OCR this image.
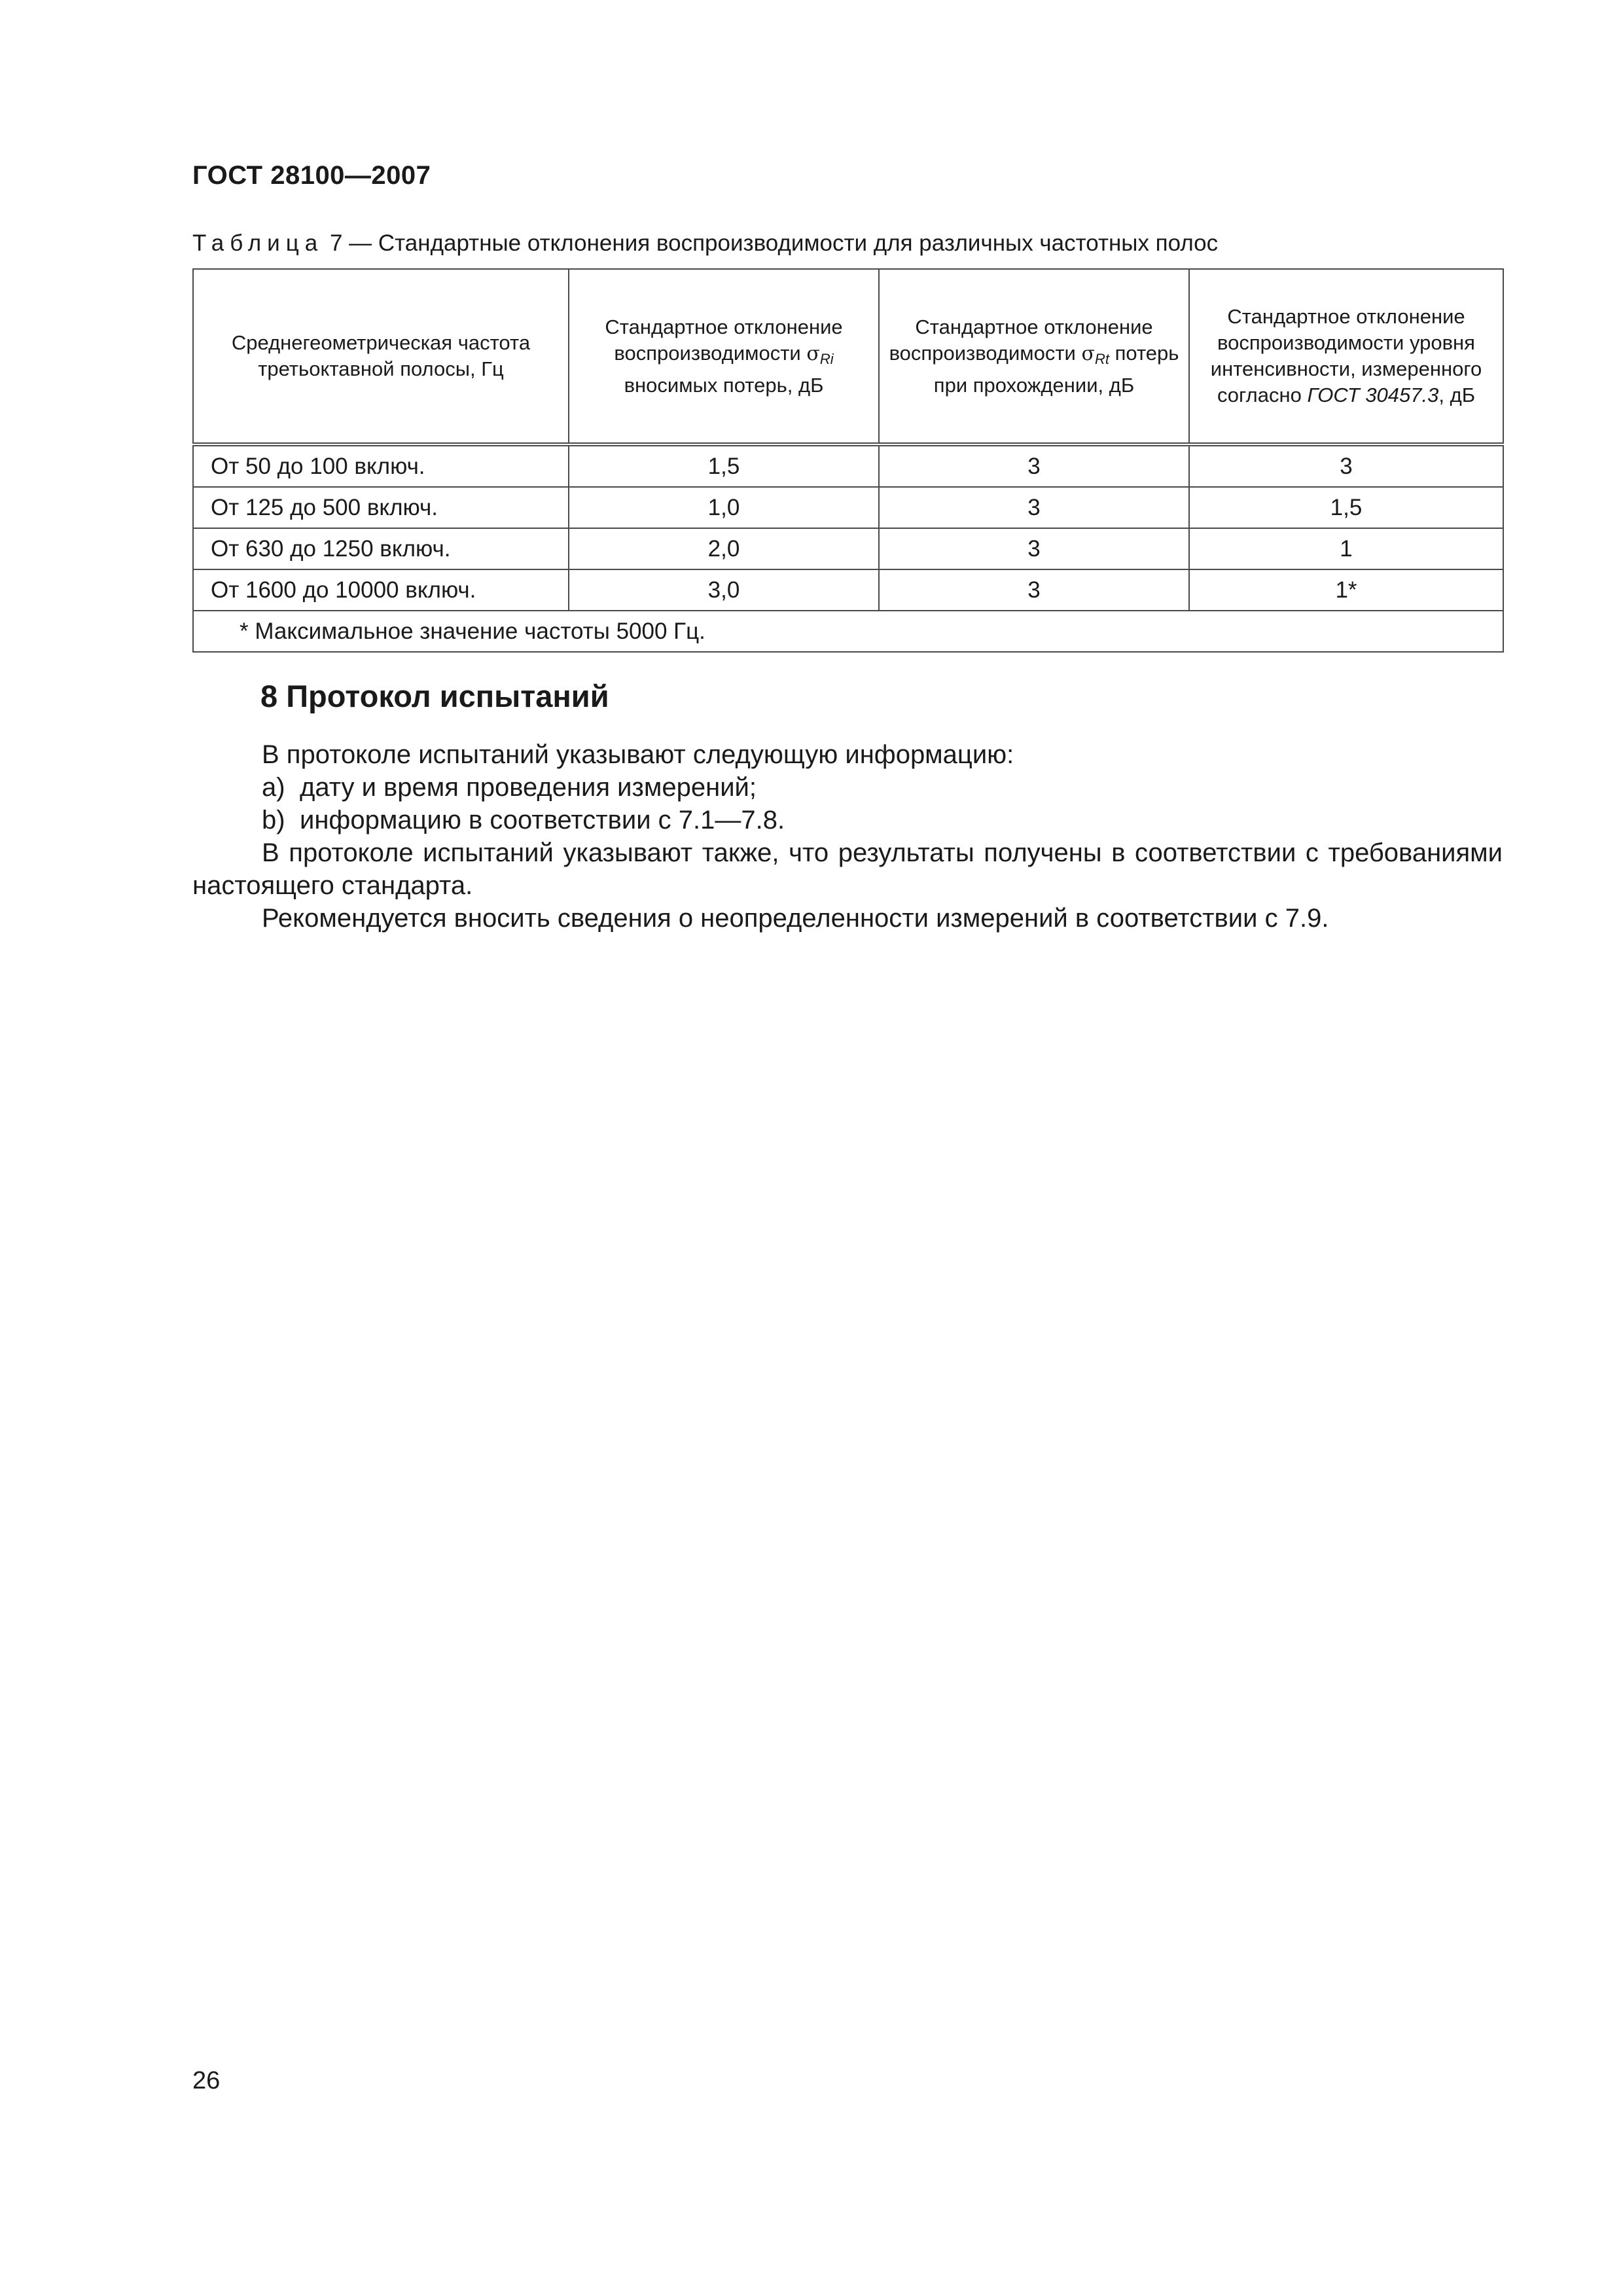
ГОСТ 28100—2007
Таблица 7 — Стандартные отклонения воспроизводимости для различных частотных полос
Среднегеометрическая частота третьоктавной полосы, Гц	Стандартное отклонение воспроизводимости $\sigma_{Ri}$ вносимых потерь, дБ	Стандартное отклонение воспроизводимости $\sigma_{Rt}$ потерь при прохождении, дБ	Стандартное отклонение воспроизводимости уровня интенсивности, измеренного согласно ГОСТ 30457.3, дБ
От 50 до 100 включ.	1,5	3	3
От 125 до 500 включ.	1,0	3	1,5
От 630 до 1250 включ.	2,0	3	1
От 1600 до 10000 включ.	3,0	3	1*
* Максимальное значение частоты 5000 Гц.			
8 Протокол испытаний

В протоколе испытаний указывают следующую информацию:

a) дату и время проведения измерений;

b) информацию в соответствии с 7.1—7.8.

В протоколе испытаний указывают также, что результаты получены в соответствии с требованиями настоящего стандарта.

Рекомендуется вносить сведения о неопределенности измерений в соответствии с 7.9.

26
